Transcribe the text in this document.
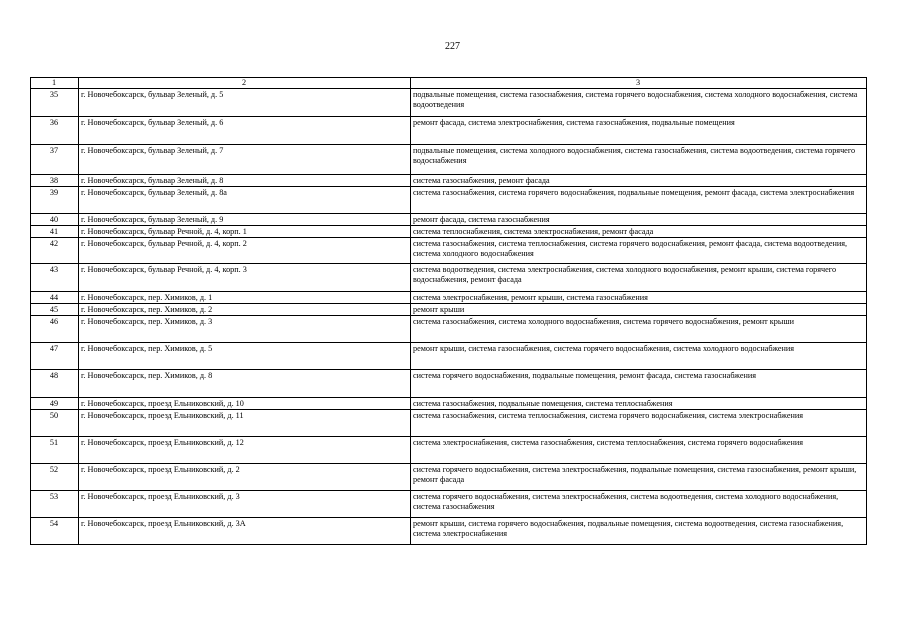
227
1	2	3
35	г. Новочебоксарск, бульвар Зеленый, д. 5	подвальные помещения, система газоснабжения, система горячего водоснабжения, система холодного водоснабжения, система водоотведения
36	г. Новочебоксарск, бульвар Зеленый, д. 6	ремонт фасада, система электроснабжения, система газоснабжения, подвальные помещения
37	г. Новочебоксарск, бульвар Зеленый, д. 7	подвальные помещения, система холодного водоснабжения, система газоснабжения, система водоотведения, система горячего водоснабжения
38	г. Новочебоксарск, бульвар Зеленый, д. 8	система газоснабжения, ремонт фасада
39	г. Новочебоксарск, бульвар Зеленый, д. 8а	система газоснабжения, система горячего водоснабжения, подвальные помещения, ремонт фасада, система электроснабжения
40	г. Новочебоксарск, бульвар Зеленый, д. 9	ремонт фасада, система газоснабжения
41	г. Новочебоксарск, бульвар Речной, д. 4, корп. 1	система теплоснабжения, система электроснабжения, ремонт фасада
42	г. Новочебоксарск, бульвар Речной, д. 4, корп. 2	система газоснабжения, система теплоснабжения, система горячего водоснабжения, ремонт фасада, система водоотведения, система холодного водоснабжения
43	г. Новочебоксарск, бульвар Речной, д. 4, корп. 3	система водоотведения, система электроснабжения, система холодного водоснабжения, ремонт крыши, система горячего водоснабжения, ремонт фасада
44	г. Новочебоксарск, пер. Химиков, д. 1	система электроснабжения, ремонт крыши, система газоснабжения
45	г. Новочебоксарск, пер. Химиков, д. 2	ремонт крыши
46	г. Новочебоксарск, пер. Химиков, д. 3	система газоснабжения, система холодного водоснабжения, система горячего водоснабжения, ремонт крыши
47	г. Новочебоксарск, пер. Химиков, д. 5	ремонт крыши, система газоснабжения, система горячего водоснабжения, система холодного водоснабжения
48	г. Новочебоксарск, пер. Химиков, д. 8	система горячего водоснабжения, подвальные помещения, ремонт фасада, система газоснабжения
49	г. Новочебоксарск, проезд Ельниковский, д. 10	система газоснабжения, подвальные помещения, система теплоснабжения
50	г. Новочебоксарск, проезд Ельниковский, д. 11	система газоснабжения, система теплоснабжения, система горячего водоснабжения, система электроснабжения
51	г. Новочебоксарск, проезд Ельниковский, д. 12	система электроснабжения, система газоснабжения, система теплоснабжения, система горячего водоснабжения
52	г. Новочебоксарск, проезд Ельниковский, д. 2	система горячего водоснабжения, система электроснабжения, подвальные помещения, система газоснабжения, ремонт крыши, ремонт фасада
53	г. Новочебоксарск, проезд Ельниковский, д. 3	система горячего водоснабжения, система электроснабжения, система водоотведения, система холодного водоснабжения, система газоснабжения
54	г. Новочебоксарск, проезд Ельниковский, д. 3А	ремонт крыши, система горячего водоснабжения, подвальные помещения, система водоотведения, система газоснабжения, система электроснабжения
